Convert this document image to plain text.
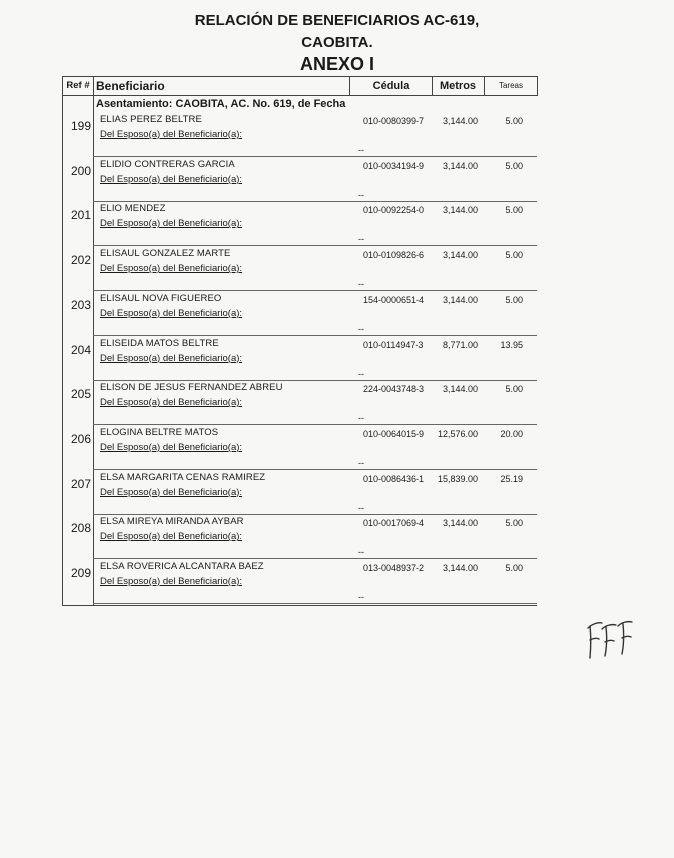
RELACIÓN DE BENEFICIARIOS AC-619,
CAOBITA.
ANEXO I
Ref # Beneficiario	Cédula	Metros	Tareas
Asentamiento: CAOBITA, AC. No. 619, de Fecha
199 ELIAS PEREZ BELTRE	010-0080399-7	3,144.00	5.00
Del Esposo(a) del Beneficiario(a):
--
200 ELIDIO CONTRERAS GARCIA	010-0034194-9	3,144.00	5.00
Del Esposo(a) del Beneficiario(a):
--
201 ELIO MENDEZ	010-0092254-0	3,144.00	5.00
Del Esposo(a) del Beneficiario(a):
--
202 ELISAUL GONZALEZ MARTE	010-0109826-6	3,144.00	5.00
Del Esposo(a) del Beneficiario(a):
--
203 ELISAUL NOVA FIGUEREO	154-0000651-4	3,144.00	5.00
Del Esposo(a) del Beneficiario(a):
--
204 ELISEIDA MATOS BELTRE	010-0114947-3	8,771.00	13.95
Del Esposo(a) del Beneficiario(a):
--
205 ELISON DE JESUS FERNANDEZ ABREU	224-0043748-3	3,144.00	5.00
Del Esposo(a) del Beneficiario(a):
--
206 ELOGINA BELTRE MATOS	010-0064015-9	12,576.00	20.00
Del Esposo(a) del Beneficiario(a):
--
207 ELSA MARGARITA CENAS RAMIREZ	010-0086436-1	15,839.00	25.19
Del Esposo(a) del Beneficiario(a):
--
208 ELSA MIREYA MIRANDA AYBAR	010-0017069-4	3,144.00	5.00
Del Esposo(a) del Beneficiario(a):
--
209 ELSA ROVERICA ALCANTARA BAEZ	013-0048937-2	3,144.00	5.00
Del Esposo(a) del Beneficiario(a):
--
